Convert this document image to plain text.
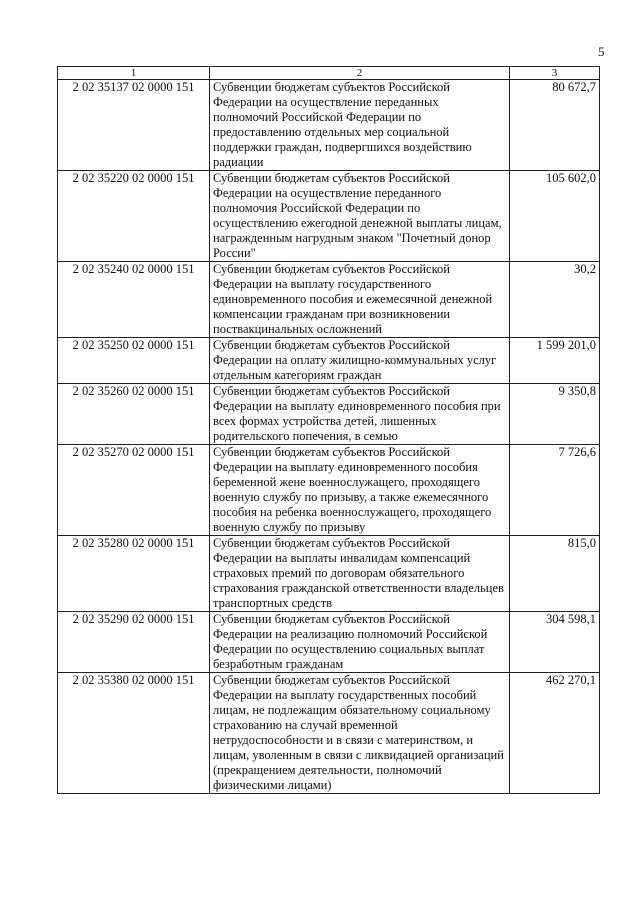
5
1	2	3
2 02 35137 02 0000 151	Субвенции бюджетам субъектов Российской Федерации на осуществление переданных полномочий Российской Федерации по предоставлению отдельных мер социальной поддержки граждан, подвергшихся воздействию радиации	80 672,7
2 02 35220 02 0000 151	Субвенции бюджетам субъектов Российской Федерации на осуществление переданного полномочия Российской Федерации по осуществлению ежегодной денежной выплаты лицам, награжденным нагрудным знаком "Почетный донор России"	105 602,0
2 02 35240 02 0000 151	Субвенции бюджетам субъектов Российской Федерации на выплату государственного единовременного пособия и ежемесячной денежной компенсации гражданам при возникновении поствакцинальных осложнений	30,2
2 02 35250 02 0000 151	Субвенции бюджетам субъектов Российской Федерации на оплату жилищно-коммунальных услуг отдельным категориям граждан	1 599 201,0
2 02 35260 02 0000 151	Субвенции бюджетам субъектов Российской Федерации на выплату единовременного пособия при всех формах устройства детей, лишенных родительского попечения, в семью	9 350,8
2 02 35270 02 0000 151	Субвенции бюджетам субъектов Российской Федерации на выплату единовременного пособия беременной жене военнослужащего, проходящего военную службу по призыву, а также ежемесячного пособия на ребенка военнослужащего, проходящего военную службу по призыву	7 726,6
2 02 35280 02 0000 151	Субвенции бюджетам субъектов Российской Федерации на выплаты инвалидам компенсаций страховых премий по договорам обязательного страхования гражданской ответственности владельцев транспортных средств	815,0
2 02 35290 02 0000 151	Субвенции бюджетам субъектов Российской Федерации на реализацию полномочий Российской Федерации по осуществлению социальных выплат безработным гражданам	304 598,1
2 02 35380 02 0000 151	Субвенции бюджетам субъектов Российской Федерации на выплату государственных пособий лицам, не подлежащим обязательному социальному страхованию на случай временной нетрудоспособности и в связи с материнством, и лицам, уволенным в связи с ликвидацией организаций (прекращением деятельности, полномочий физическими лицами)	462 270,1
